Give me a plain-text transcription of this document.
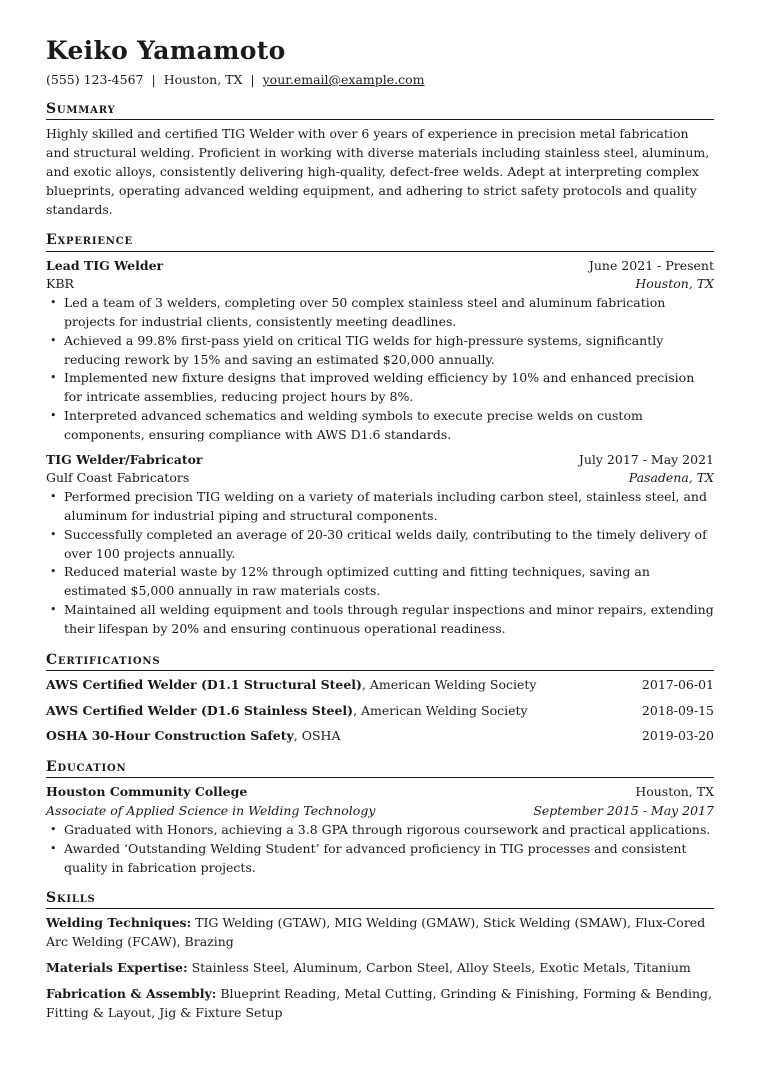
Keiko Yamamoto
(555) 123-4567 | Houston, TX | your.email@example.com
Summary

Highly skilled and certified TIG Welder with over 6 years of experience in precision metal fabrication and structural welding. Proficient in working with diverse materials including stainless steel, aluminum, and exotic alloys, consistently delivering high-quality, defect-free welds. Adept at interpreting complex blueprints, operating advanced welding equipment, and adhering to strict safety protocols and quality standards.

Experience
Lead TIG Welder	June 2021 - Present
KBR	Houston, TX
• Led a team of 3 welders, completing over 50 complex stainless steel and aluminum fabrication projects for industrial clients, consistently meeting deadlines.
• Achieved a 99.8% first-pass yield on critical TIG welds for high-pressure systems, significantly reducing rework by 15% and saving an estimated $20,000 annually.
• Implemented new fixture designs that improved welding efficiency by 10% and enhanced precision for intricate assemblies, reducing project hours by 8%.
• Interpreted advanced schematics and welding symbols to execute precise welds on custom components, ensuring compliance with AWS D1.6 standards.
TIG Welder/Fabricator	July 2017 - May 2021
Gulf Coast Fabricators	Pasadena, TX
• Performed precision TIG welding on a variety of materials including carbon steel, stainless steel, and aluminum for industrial piping and structural components.
• Successfully completed an average of 20-30 critical welds daily, contributing to the timely delivery of over 100 projects annually.
• Reduced material waste by 12% through optimized cutting and fitting techniques, saving an estimated $5,000 annually in raw materials costs.
• Maintained all welding equipment and tools through regular inspections and minor repairs, extending their lifespan by 20% and ensuring continuous operational readiness.
Certifications
AWS Certified Welder (D1.1 Structural Steel), American Welding Society	2017-06-01
AWS Certified Welder (D1.6 Stainless Steel), American Welding Society	2018-09-15
OSHA 30-Hour Construction Safety, OSHA	2019-03-20
Education
Houston Community College	Houston, TX
Associate of Applied Science in Welding Technology	September 2015 - May 2017
• Graduated with Honors, achieving a 3.8 GPA through rigorous coursework and practical applications.
• Awarded ‘Outstanding Welding Student’ for advanced proficiency in TIG processes and consistent quality in fabrication projects.
Skills
Welding Techniques: TIG Welding (GTAW), MIG Welding (GMAW), Stick Welding (SMAW), Flux-Cored Arc Welding (FCAW), Brazing
Materials Expertise: Stainless Steel, Aluminum, Carbon Steel, Alloy Steels, Exotic Metals, Titanium
Fabrication & Assembly: Blueprint Reading, Metal Cutting, Grinding & Finishing, Forming & Bending, Fitting & Layout, Jig & Fixture Setup
